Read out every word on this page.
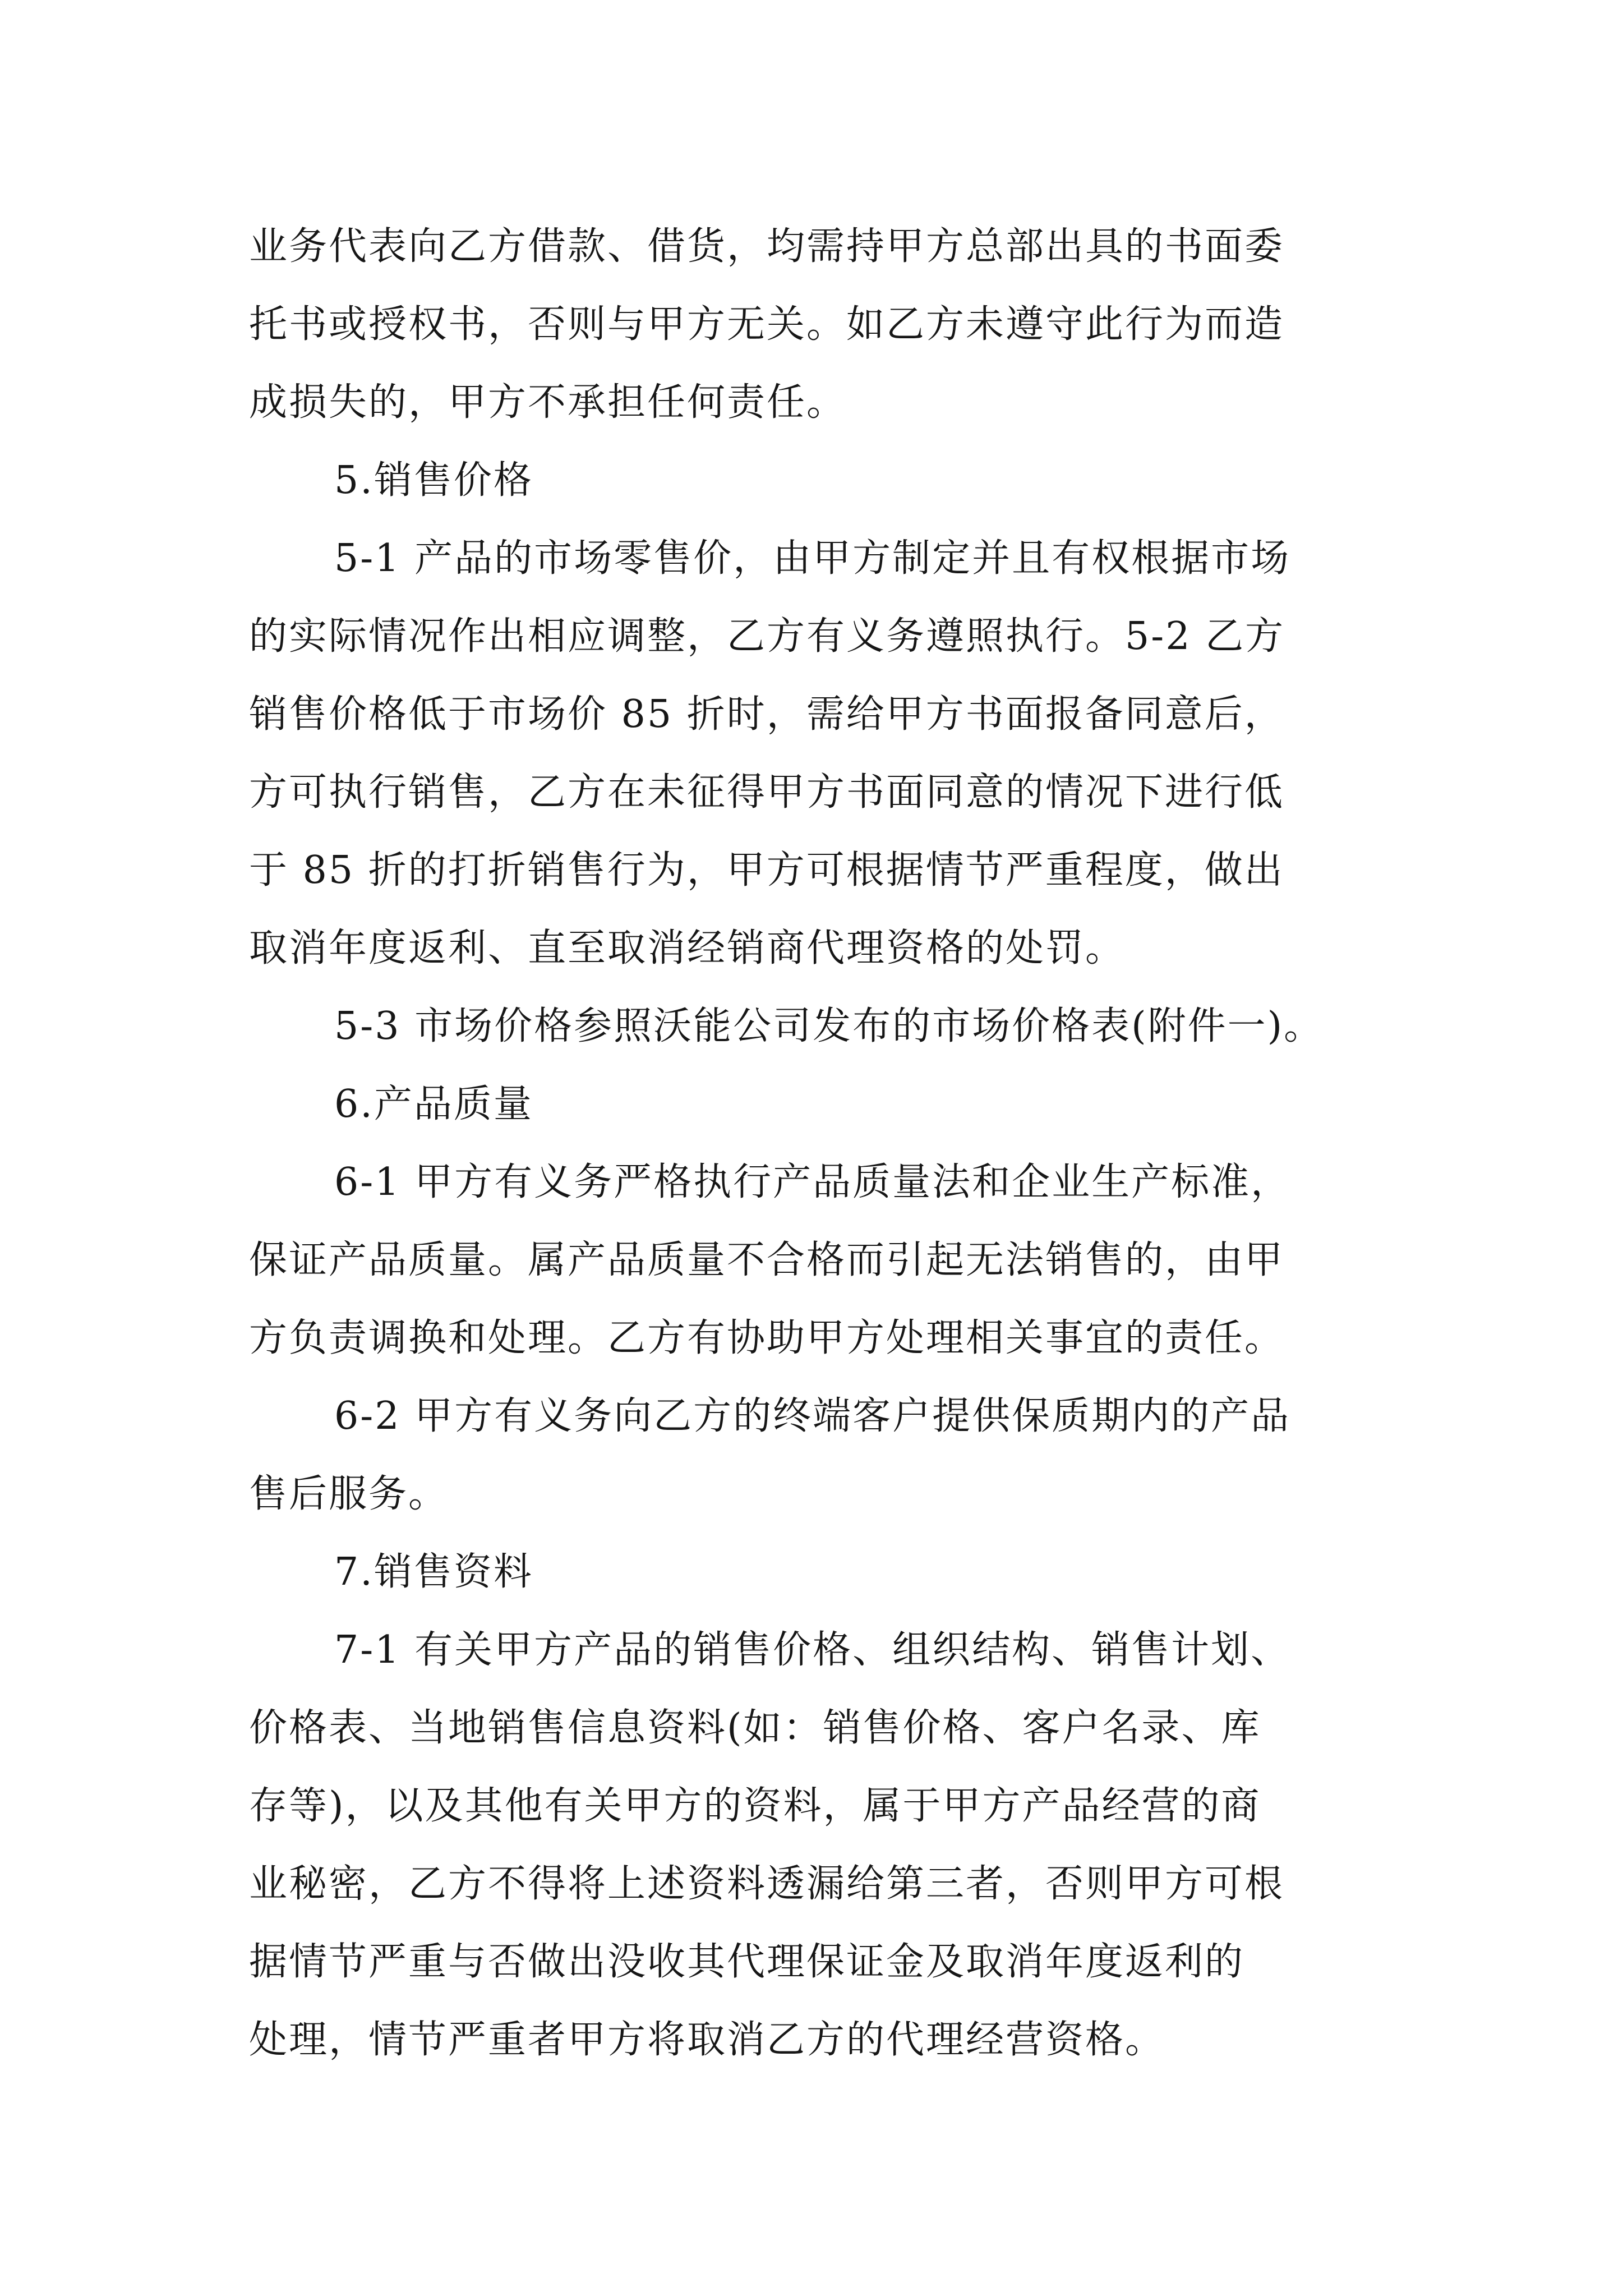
业务代表向乙方借款、借货，均需持甲方总部出具的书面委

托书或授权书，否则与甲方无关。如乙方未遵守此行为而造

成损失的，甲方不承担任何责任。

5.销售价格

5-1 产品的市场零售价，由甲方制定并且有权根据市场

的实际情况作出相应调整，乙方有义务遵照执行。5-2 乙方

销售价格低于市场价 85 折时，需给甲方书面报备同意后，

方可执行销售，乙方在未征得甲方书面同意的情况下进行低

于 85 折的打折销售行为，甲方可根据情节严重程度，做出

取消年度返利、直至取消经销商代理资格的处罚。

5-3 市场价格参照沃能公司发布的市场价格表(附件一)。

6.产品质量

6-1 甲方有义务严格执行产品质量法和企业生产标准，

保证产品质量。属产品质量不合格而引起无法销售的，由甲

方负责调换和处理。乙方有协助甲方处理相关事宜的责任。

6-2 甲方有义务向乙方的终端客户提供保质期内的产品

售后服务。

7.销售资料

7-1 有关甲方产品的销售价格、组织结构、销售计划、

价格表、当地销售信息资料(如：销售价格、客户名录、库

存等)，以及其他有关甲方的资料，属于甲方产品经营的商

业秘密，乙方不得将上述资料透漏给第三者，否则甲方可根

据情节严重与否做出没收其代理保证金及取消年度返利的

处理，情节严重者甲方将取消乙方的代理经营资格。
